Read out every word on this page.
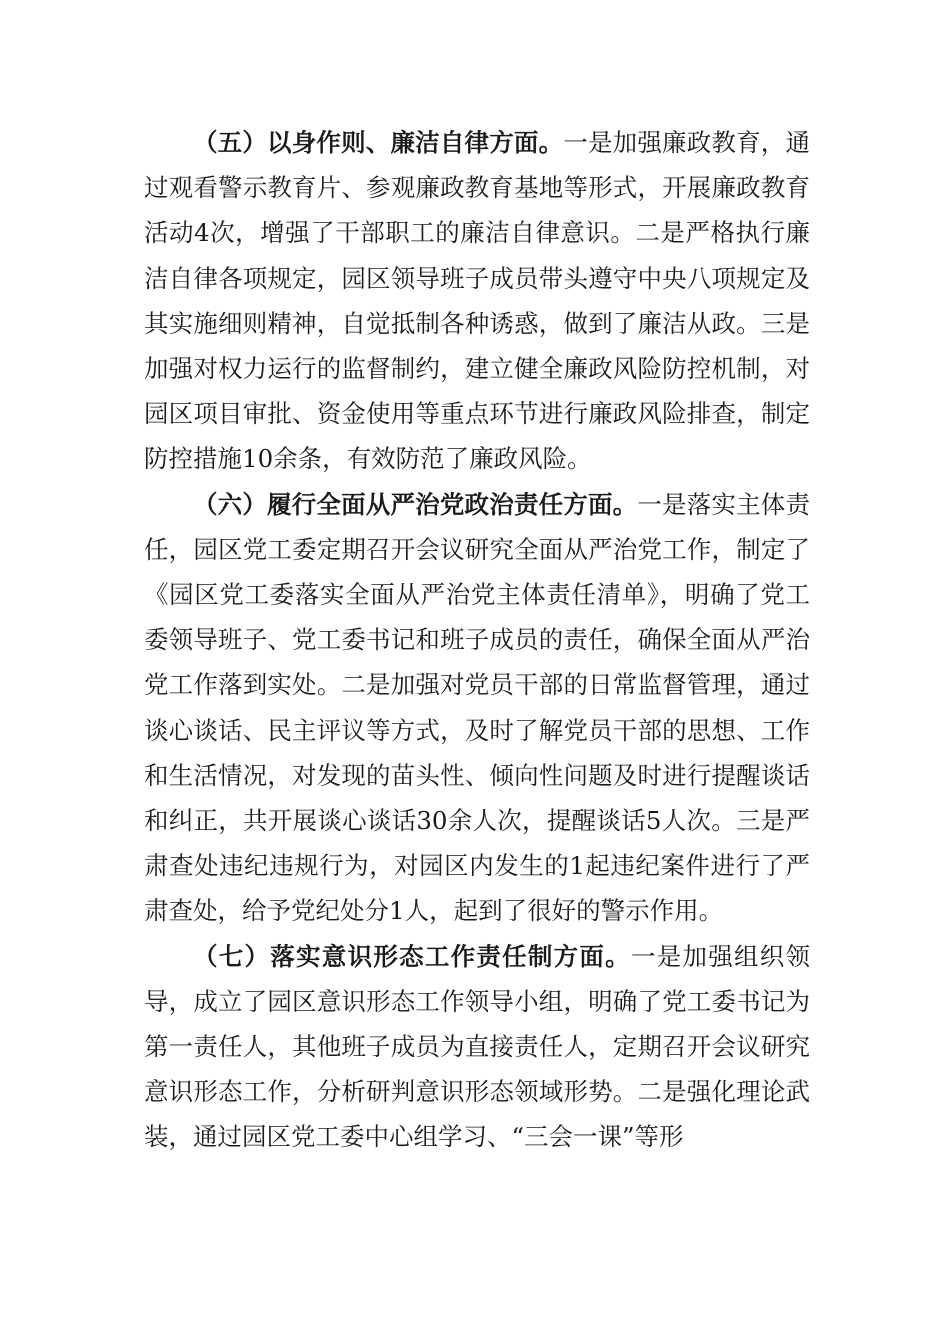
（五）以身作则、廉洁自律方面。一是加强廉政教育，通过观看警示教育片、参观廉政教育基地等形式，开展廉政教育活动4次，增强了干部职工的廉洁自律意识。二是严格执行廉洁自律各项规定，园区领导班子成员带头遵守中央八项规定及其实施细则精神，自觉抵制各种诱惑，做到了廉洁从政。三是加强对权力运行的监督制约，建立健全廉政风险防控机制，对园区项目审批、资金使用等重点环节进行廉政风险排查，制定防控措施10余条，有效防范了廉政风险。

（六）履行全面从严治党政治责任方面。一是落实主体责任，园区党工委定期召开会议研究全面从严治党工作，制定了《园区党工委落实全面从严治党主体责任清单》，明确了党工委领导班子、党工委书记和班子成员的责任，确保全面从严治党工作落到实处。二是加强对党员干部的日常监督管理，通过谈心谈话、民主评议等方式，及时了解党员干部的思想、工作和生活情况，对发现的苗头性、倾向性问题及时进行提醒谈话和纠正，共开展谈心谈话30余人次，提醒谈话5人次。三是严肃查处违纪违规行为，对园区内发生的1起违纪案件进行了严肃查处，给予党纪处分1人，起到了很好的警示作用。

（七）落实意识形态工作责任制方面。一是加强组织领导，成立了园区意识形态工作领导小组，明确了党工委书记为第一责任人，其他班子成员为直接责任人，定期召开会议研究意识形态工作，分析研判意识形态领域形势。二是强化理论武装，通过园区党工委中心组学习、“三会一课”等形
